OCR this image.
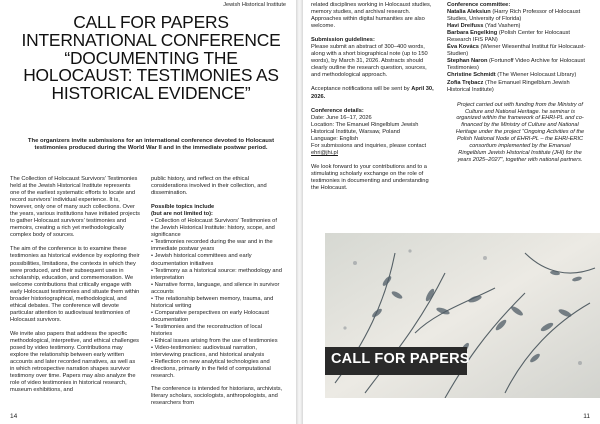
Jewish Historical Institute
CALL FOR PAPERS
INTERNATIONAL CONFERENCE
“DOCUMENTING THE
HOLOCAUST: TESTIMONIES AS
HISTORICAL EVIDENCE”
The organizers invite submissions for an international conference devoted to Holocaust testimonies produced during the World War II and in the immediate postwar period.

The Collection of Holocaust Survivors’ Testimonies held at the Jewish Historical Institute represents one of the earliest systematic efforts to locate and record survivors’ individual experience. It is, however, only one of many such collections. Over the years, various institutions have initiated projects to gather Holocaust survivors’ testimonies and memoirs, creating a rich yet methodologically complex body of sources.

The aim of the conference is to examine these testimonies as historical evidence by exploring their possibilities, limitations, the contexts in which they were produced, and their subsequent uses in scholarship, education, and commemoration. We welcome contributions that critically engage with early Holocaust testimonies and situate them within broader historiographical, methodological, and ethical debates. The conference will devote particular attention to audiovisual testimonies of Holocaust survivors.

We invite also papers that address the specific methodological, interpretive, and ethical challenges posed by video testimony. Contributions may explore the relationship between early written accounts and later recorded narratives, as well as in which retrospective narration shapes survivor testimony over time. Papers may also analyze the role of video testimonies in historical research, museum exhibitions, and

public history, and reflect on the ethical considerations involved in their collection, and dissemination.

Possible topics include
(but are not limited to):
• Collection of Holocaust Survivors’ Testimonies of the Jewish Historical Institute: history, scope, and significance
• Testimonies recorded during the war and in the immediate postwar years
• Jewish historical committees and early documentation initiatives
• Testimony as a historical source: methodology and interpretation
• Narrative forms, language, and silence in survivor accounts
• The relationship between memory, trauma, and historical writing
• Comparative perspectives on early Holocaust documentation
• Testimonies and the reconstruction of local histories
• Ethical issues arising from the use of testimonies
• Video-testimonies: audiovisual narration, interviewing practices, and historical analysis
• Reflection on new analytical technologies and directions, primarily in the field of computational research.

The conference is intended for historians, archivists, literary scholars, sociologists, anthropologists, and researchers from

14

related disciplines working in Holocaust studies, memory studies, and archival research. Approaches within digital humanities are also welcome.

Submission guidelines:

Please submit an abstract of 300–400 words, along with a short biographical note (up to 150 words), by March 31, 2026. Abstracts should clearly outline the research question, sources, and methodological approach.

Acceptance notifications will be sent by April 30, 2026.

Conference details:
Date: June 16–17, 2026
Location: The Emanuel Ringelblum Jewish Historical Institute, Warsaw, Poland
Language: English

For submissions and inquiries, please contact ehri@jhi.pl

We look forward to your contributions and to a stimulating scholarly exchange on the role of testimonies in documenting and understanding the Holocaust.

Conference committee:
Natalia Aleksiun (Harry Rich Professor of Holocaust Studies, University of Florida)
Havi Dreifuss (Yad Vashem)
Barbara Engelking (Polish Center for Holocaust Research IFiS PAN)
Éva Kovács (Wiener Wiesenthal Institut für Holocaust-Studien)
Stephan Naron (Fortunoff Video Archive for Holocaust Testimonies)
Christine Schmidt (The Wiener Holocaust Library)
Zofia Trębacz (The Emanuel Ringelblum Jewish Historical Institute)
Project carried out with funding from the Ministry of Culture and National Heritage. he seminar is organized within the framework of EHRI-PL and co-financed by the Ministry of Culture and National Heritage under the project “Ongoing Activities of the Polish National Node of EHRI-PL – the EHRI-ERIC consortium implemented by the Emanuel Ringelblum Jewish Historical Institute (JHI) for the years 2025–2027”, together with national partners.
CALL FOR PAPERS
11
